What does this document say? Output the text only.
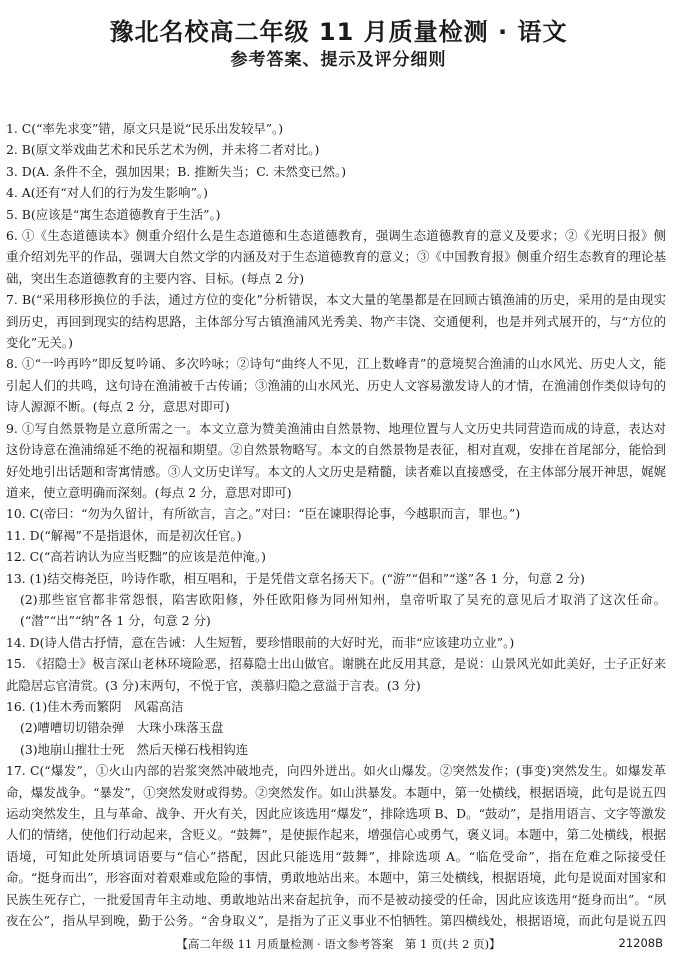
豫北名校高二年级 11 月质量检测 · 语文
参考答案、提示及评分细则
1. C(“率先求变”错，原文只是说“民乐出发较早”。)
2. B(原文举戏曲艺术和民乐艺术为例，并未将二者对比。)
3. D(A. 条件不全，强加因果；B. 推断失当；C. 未然变已然。)
4. A(还有“对人们的行为发生影响”。)
5. B(应该是“寓生态道德教育于生活”。)
6. ①《生态道德读本》侧重介绍什么是生态道德和生态道德教育，强调生态道德教育的意义及要求；②《光明日报》侧重介绍刘先平的作品，强调大自然文学的内涵及对于生态道德教育的意义；③《中国教育报》侧重介绍生态教育的理论基础，突出生态道德教育的主要内容、目标。(每点 2 分)
7. B(“采用移形换位的手法，通过方位的变化”分析错误，本文大量的笔墨都是在回顾古镇渔浦的历史，采用的是由现实到历史，再回到现实的结构思路，主体部分写古镇渔浦风光秀美、物产丰饶、交通便利，也是并列式展开的，与“方位的变化”无关。)
8. ①“一吟再吟”即反复吟诵、多次吟咏；②诗句“曲终人不见，江上数峰青”的意境契合渔浦的山水风光、历史人文，能引起人们的共鸣，这句诗在渔浦被千古传诵；③渔浦的山水风光、历史人文容易激发诗人的才情，在渔浦创作类似诗句的诗人源源不断。(每点 2 分，意思对即可)
9. ①写自然景物是立意所需之一。本文立意为赞美渔浦由自然景物、地理位置与人文历史共同营造而成的诗意，表达对这份诗意在渔浦绵延不绝的祝福和期望。②自然景物略写。本文的自然景物是表征，相对直观，安排在首尾部分，能恰到好处地引出话题和寄寓情感。③人文历史详写。本文的人文历史是精髓，读者难以直接感受，在主体部分展开神思，娓娓道来，使立意明确而深刻。(每点 2 分，意思对即可)
10. C(帝曰：“勿为久留计，有所欲言，言之。”对曰：“臣在谏职得论事，今越职而言，罪也。”)
11. D(“解褐”不是指退休，而是初次任官。)
12. C(“高若讷认为应当贬黜”的应该是范仲淹。)
13. (1)结交梅尧臣，吟诗作歌，相互唱和，于是凭借文章名扬天下。(“游”“倡和”“遂”各 1 分，句意 2 分)
(2)那些宦官都非常怨恨，陷害欧阳修，外任欧阳修为同州知州，皇帝听取了吴充的意见后才取消了这次任命。(“潜”“出”“纳”各 1 分，句意 2 分)
14. D(诗人借古抒情，意在告诫：人生短暂，要珍惜眼前的大好时光，而非“应该建功立业”。)
15. 《招隐士》极言深山老林环境险恶，招募隐士出山做官。谢朓在此反用其意，是说：山景风光如此美好，士子正好来此隐居忘官清赏。(3 分)末两句，不悦于官，羡慕归隐之意溢于言表。(3 分)
16. (1)佳木秀而繁阴　风霜高洁
(2)嘈嘈切切错杂弹　大珠小珠落玉盘
(3)地崩山摧壮士死　然后天梯石栈相钩连
17. C(“爆发”，①火山内部的岩浆突然冲破地壳，向四外迸出。如火山爆发。②突然发作；(事变)突然发生。如爆发革命，爆发战争。“暴发”，①突然发财或得势。②突然发作。如山洪暴发。本题中，第一处横线，根据语境，此句是说五四运动突然发生，且与革命、战争、开火有关，因此应该选用“爆发”，排除选项 B、D。“鼓动”，是指用语言、文字等激发人们的情绪，使他们行动起来，含贬义。“鼓舞”，是使振作起来，增强信心或勇气，褒义词。本题中，第二处横线，根据语境，可知此处所填词语要与“信心”搭配，因此只能选用“鼓舞”，排除选项 A。“临危受命”，指在危难之际接受任命。“挺身而出”，形容面对着艰难或危险的事情，勇敢地站出来。本题中，第三处横线，根据语境，此句是说面对国家和民族生死存亡，一批爱国青年主动地、勇敢地站出来奋起抗争，而不是被动接受的任命，因此应该选用“挺身而出”。“夙夜在公”，指从早到晚，勤于公务。“舍身取义”，是指为了正义事业不怕牺牲。第四横线处，根据语境，而此句是说五四
【高二年级 11 月质量检测 · 语文参考答案　第 1 页(共 2 页)】	21208B
